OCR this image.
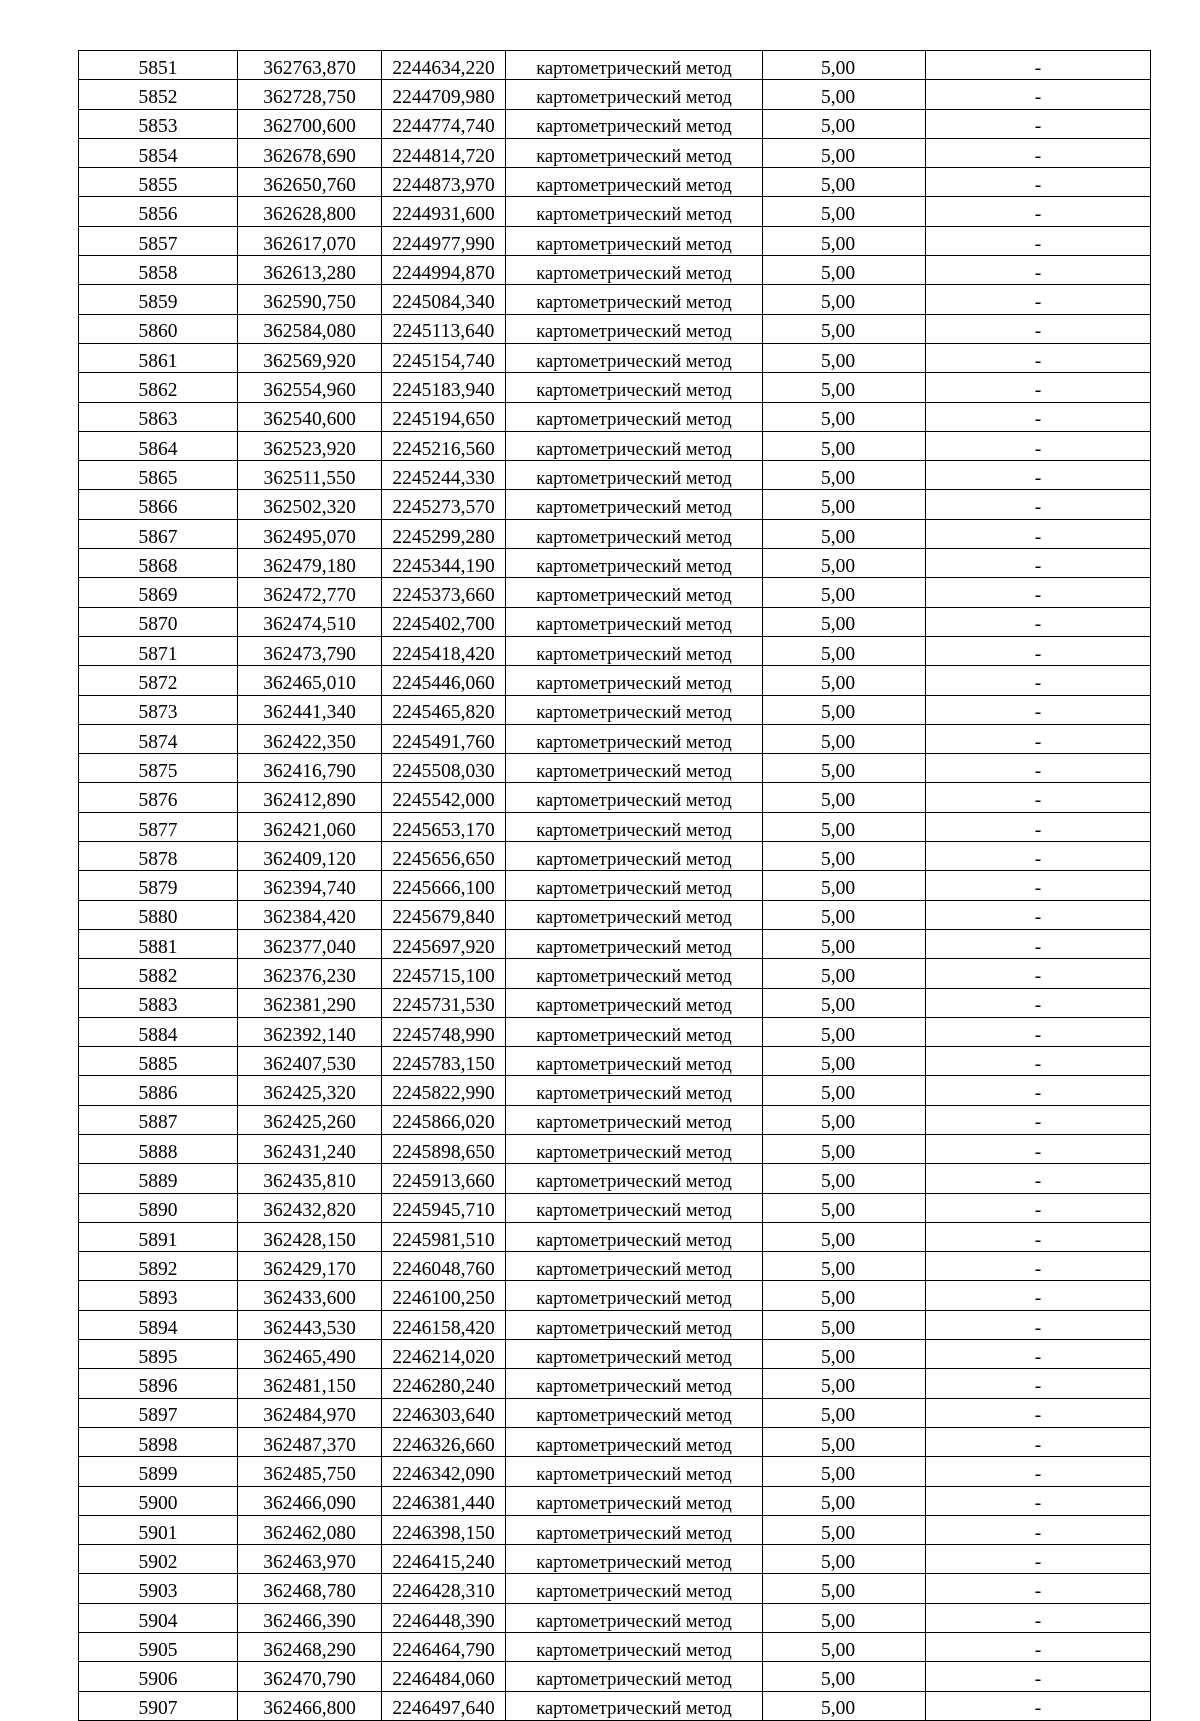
5851	362763,870	2244634,220	картометрический метод	5,00	-
5852	362728,750	2244709,980	картометрический метод	5,00	-
5853	362700,600	2244774,740	картометрический метод	5,00	-
5854	362678,690	2244814,720	картометрический метод	5,00	-
5855	362650,760	2244873,970	картометрический метод	5,00	-
5856	362628,800	2244931,600	картометрический метод	5,00	-
5857	362617,070	2244977,990	картометрический метод	5,00	-
5858	362613,280	2244994,870	картометрический метод	5,00	-
5859	362590,750	2245084,340	картометрический метод	5,00	-
5860	362584,080	2245113,640	картометрический метод	5,00	-
5861	362569,920	2245154,740	картометрический метод	5,00	-
5862	362554,960	2245183,940	картометрический метод	5,00	-
5863	362540,600	2245194,650	картометрический метод	5,00	-
5864	362523,920	2245216,560	картометрический метод	5,00	-
5865	362511,550	2245244,330	картометрический метод	5,00	-
5866	362502,320	2245273,570	картометрический метод	5,00	-
5867	362495,070	2245299,280	картометрический метод	5,00	-
5868	362479,180	2245344,190	картометрический метод	5,00	-
5869	362472,770	2245373,660	картометрический метод	5,00	-
5870	362474,510	2245402,700	картометрический метод	5,00	-
5871	362473,790	2245418,420	картометрический метод	5,00	-
5872	362465,010	2245446,060	картометрический метод	5,00	-
5873	362441,340	2245465,820	картометрический метод	5,00	-
5874	362422,350	2245491,760	картометрический метод	5,00	-
5875	362416,790	2245508,030	картометрический метод	5,00	-
5876	362412,890	2245542,000	картометрический метод	5,00	-
5877	362421,060	2245653,170	картометрический метод	5,00	-
5878	362409,120	2245656,650	картометрический метод	5,00	-
5879	362394,740	2245666,100	картометрический метод	5,00	-
5880	362384,420	2245679,840	картометрический метод	5,00	-
5881	362377,040	2245697,920	картометрический метод	5,00	-
5882	362376,230	2245715,100	картометрический метод	5,00	-
5883	362381,290	2245731,530	картометрический метод	5,00	-
5884	362392,140	2245748,990	картометрический метод	5,00	-
5885	362407,530	2245783,150	картометрический метод	5,00	-
5886	362425,320	2245822,990	картометрический метод	5,00	-
5887	362425,260	2245866,020	картометрический метод	5,00	-
5888	362431,240	2245898,650	картометрический метод	5,00	-
5889	362435,810	2245913,660	картометрический метод	5,00	-
5890	362432,820	2245945,710	картометрический метод	5,00	-
5891	362428,150	2245981,510	картометрический метод	5,00	-
5892	362429,170	2246048,760	картометрический метод	5,00	-
5893	362433,600	2246100,250	картометрический метод	5,00	-
5894	362443,530	2246158,420	картометрический метод	5,00	-
5895	362465,490	2246214,020	картометрический метод	5,00	-
5896	362481,150	2246280,240	картометрический метод	5,00	-
5897	362484,970	2246303,640	картометрический метод	5,00	-
5898	362487,370	2246326,660	картометрический метод	5,00	-
5899	362485,750	2246342,090	картометрический метод	5,00	-
5900	362466,090	2246381,440	картометрический метод	5,00	-
5901	362462,080	2246398,150	картометрический метод	5,00	-
5902	362463,970	2246415,240	картометрический метод	5,00	-
5903	362468,780	2246428,310	картометрический метод	5,00	-
5904	362466,390	2246448,390	картометрический метод	5,00	-
5905	362468,290	2246464,790	картометрический метод	5,00	-
5906	362470,790	2246484,060	картометрический метод	5,00	-
5907	362466,800	2246497,640	картометрический метод	5,00	-
